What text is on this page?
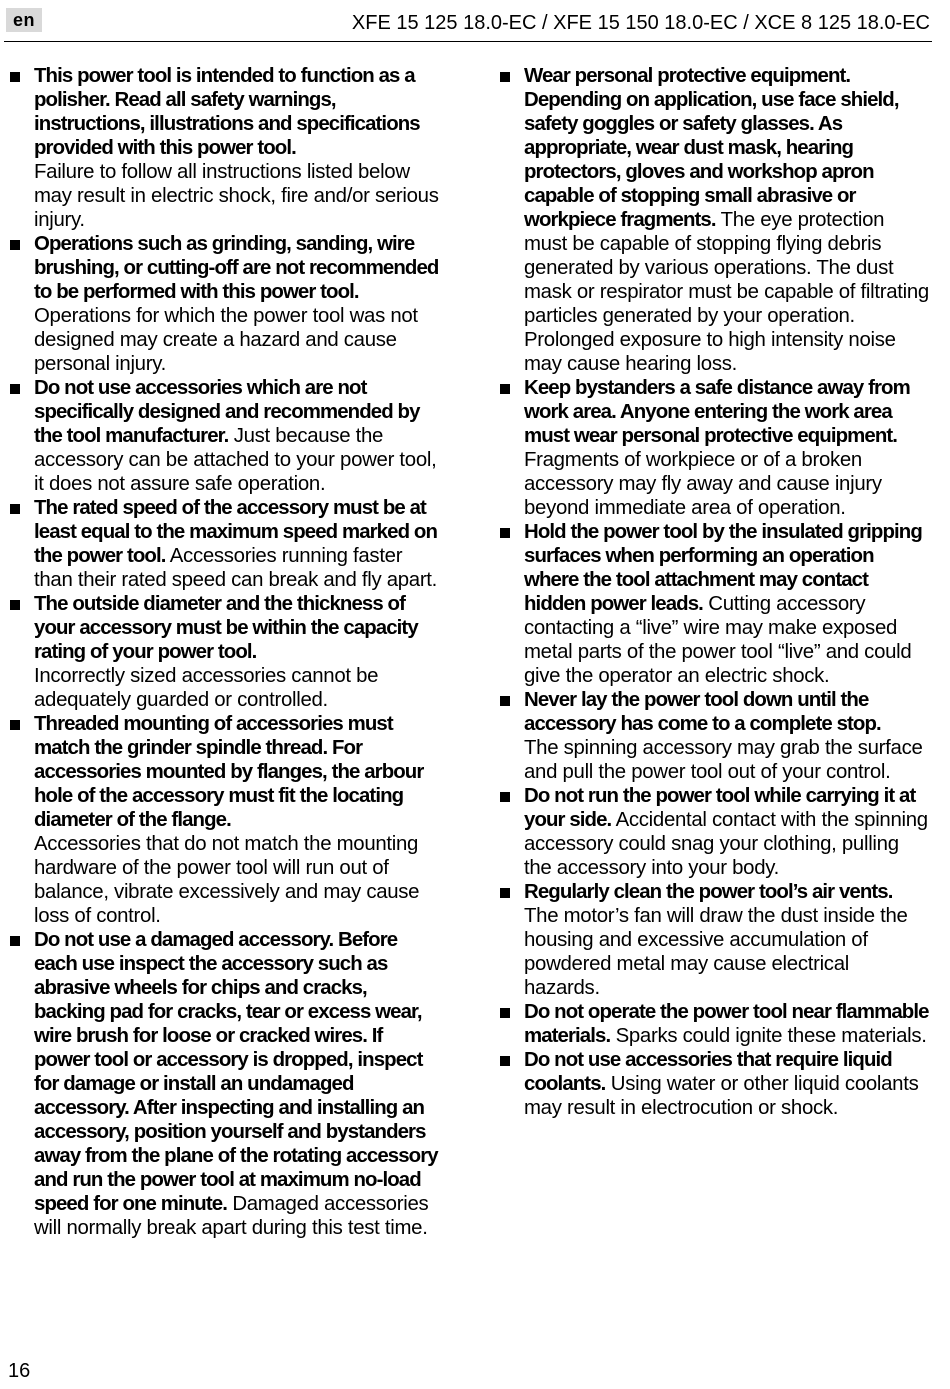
en	XFE 15 125 18.0-EC / XFE 15 150 18.0-EC / XCE 8 125 18.0-EC
This power tool is intended to function as a polisher. Read all safety warnings, instructions, illustrations and specifications provided with this power tool.
Failure to follow all instructions listed below may result in electric shock, fire and/or serious injury.
Operations such as grinding, sanding, wire brushing, or cutting-off are not recommended to be performed with this power tool.
Operations for which the power tool was not designed may create a hazard and cause personal injury.
Do not use accessories which are not specifically designed and recommended by the tool manufacturer. Just because the accessory can be attached to your power tool, it does not assure safe operation.
The rated speed of the accessory must be at least equal to the maximum speed marked on the power tool. Accessories running faster than their rated speed can break and fly apart.
The outside diameter and the thickness of your accessory must be within the capacity rating of your power tool.
Incorrectly sized accessories cannot be adequately guarded or controlled.
Threaded mounting of accessories must match the grinder spindle thread. For accessories mounted by flanges, the arbour hole of the accessory must fit the locating diameter of the flange.
Accessories that do not match the mounting hardware of the power tool will run out of balance, vibrate excessively and may cause loss of control.
Do not use a damaged accessory. Before each use inspect the accessory such as abrasive wheels for chips and cracks, backing pad for cracks, tear or excess wear, wire brush for loose or cracked wires. If power tool or accessory is dropped, inspect for damage or install an undamaged accessory. After inspecting and installing an accessory, position yourself and bystanders away from the plane of the rotating accessory and run the power tool at maximum no-load speed for one minute. Damaged accessories will normally break apart during this test time.
Wear personal protective equipment. Depending on application, use face shield, safety goggles or safety glasses. As appropriate, wear dust mask, hearing protectors, gloves and workshop apron capable of stopping small abrasive or workpiece fragments. The eye protection must be capable of stopping flying debris generated by various operations. The dust mask or respirator must be capable of filtrating particles generated by your operation. Prolonged exposure to high intensity noise may cause hearing loss.
Keep bystanders a safe distance away from work area. Anyone entering the work area must wear personal protective equipment. Fragments of workpiece or of a broken accessory may fly away and cause injury beyond immediate area of operation.
Hold the power tool by the insulated gripping surfaces when performing an operation where the tool attachment may contact hidden power leads. Cutting accessory contacting a “live” wire may make exposed metal parts of the power tool “live” and could give the operator an electric shock.
Never lay the power tool down until the accessory has come to a complete stop.
The spinning accessory may grab the surface and pull the power tool out of your control.
Do not run the power tool while carrying it at your side. Accidental contact with the spinning accessory could snag your clothing, pulling the accessory into your body.
Regularly clean the power tool’s air vents.
The motor’s fan will draw the dust inside the housing and excessive accumulation of powdered metal may cause electrical hazards.
Do not operate the power tool near flammable materials. Sparks could ignite these materials.
Do not use accessories that require liquid coolants. Using water or other liquid coolants may result in electrocution or shock.
16
